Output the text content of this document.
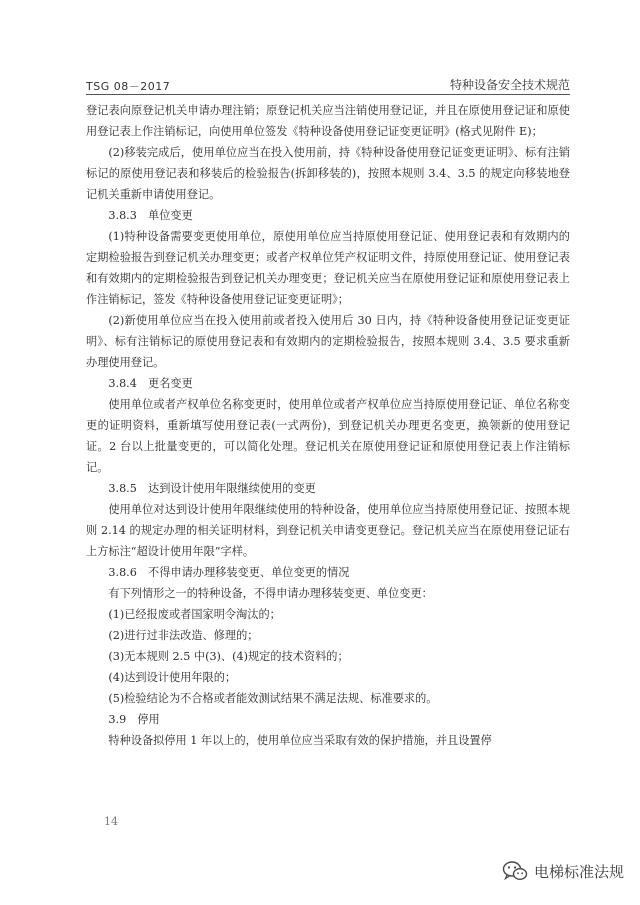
TSG 08－2017	特种设备安全技术规范

登记表向原登记机关申请办理注销；原登记机关应当注销使用登记证，并且在原使用登记证和原使用登记表上作注销标记，向使用单位签发《特种设备使用登记证变更证明》(格式见附件 E)；

(2)移装完成后，使用单位应当在投入使用前，持《特种设备使用登记证变更证明》、标有注销标记的原使用登记表和移装后的检验报告(拆卸移装的)，按照本规则 3.4、3.5 的规定向移装地登记机关重新申请使用登记。

3.8.3　单位变更

(1)特种设备需要变更使用单位，原使用单位应当持原使用登记证、使用登记表和有效期内的定期检验报告到登记机关办理变更；或者产权单位凭产权证明文件，持原使用登记证、使用登记表和有效期内的定期检验报告到登记机关办理变更；登记机关应当在原使用登记证和原使用登记表上作注销标记，签发《特种设备使用登记证变更证明》；

(2)新使用单位应当在投入使用前或者投入使用后 30 日内，持《特种设备使用登记证变更证明》、标有注销标记的原使用登记表和有效期内的定期检验报告，按照本规则 3.4、3.5 要求重新办理使用登记。

3.8.4　更名变更

使用单位或者产权单位名称变更时，使用单位或者产权单位应当持原使用登记证、单位名称变更的证明资料，重新填写使用登记表(一式两份)，到登记机关办理更名变更，换领新的使用登记证。2 台以上批量变更的，可以简化处理。登记机关在原使用登记证和原使用登记表上作注销标记。

3.8.5　达到设计使用年限继续使用的变更

使用单位对达到设计使用年限继续使用的特种设备，使用单位应当持原使用登记证、按照本规则 2.14 的规定办理的相关证明材料，到登记机关申请变更登记。登记机关应当在原使用登记证右上方标注“超设计使用年限”字样。

3.8.6　不得申请办理移装变更、单位变更的情况

有下列情形之一的特种设备，不得申请办理移装变更、单位变更：

(1)已经报废或者国家明令淘汰的；

(2)进行过非法改造、修理的；

(3)无本规则 2.5 中(3)、(4)规定的技术资料的；

(4)达到设计使用年限的；

(5)检验结论为不合格或者能效测试结果不满足法规、标准要求的。

3.9　停用

特种设备拟停用 1 年以上的，使用单位应当采取有效的保护措施，并且设置停

14
电梯标准法规
